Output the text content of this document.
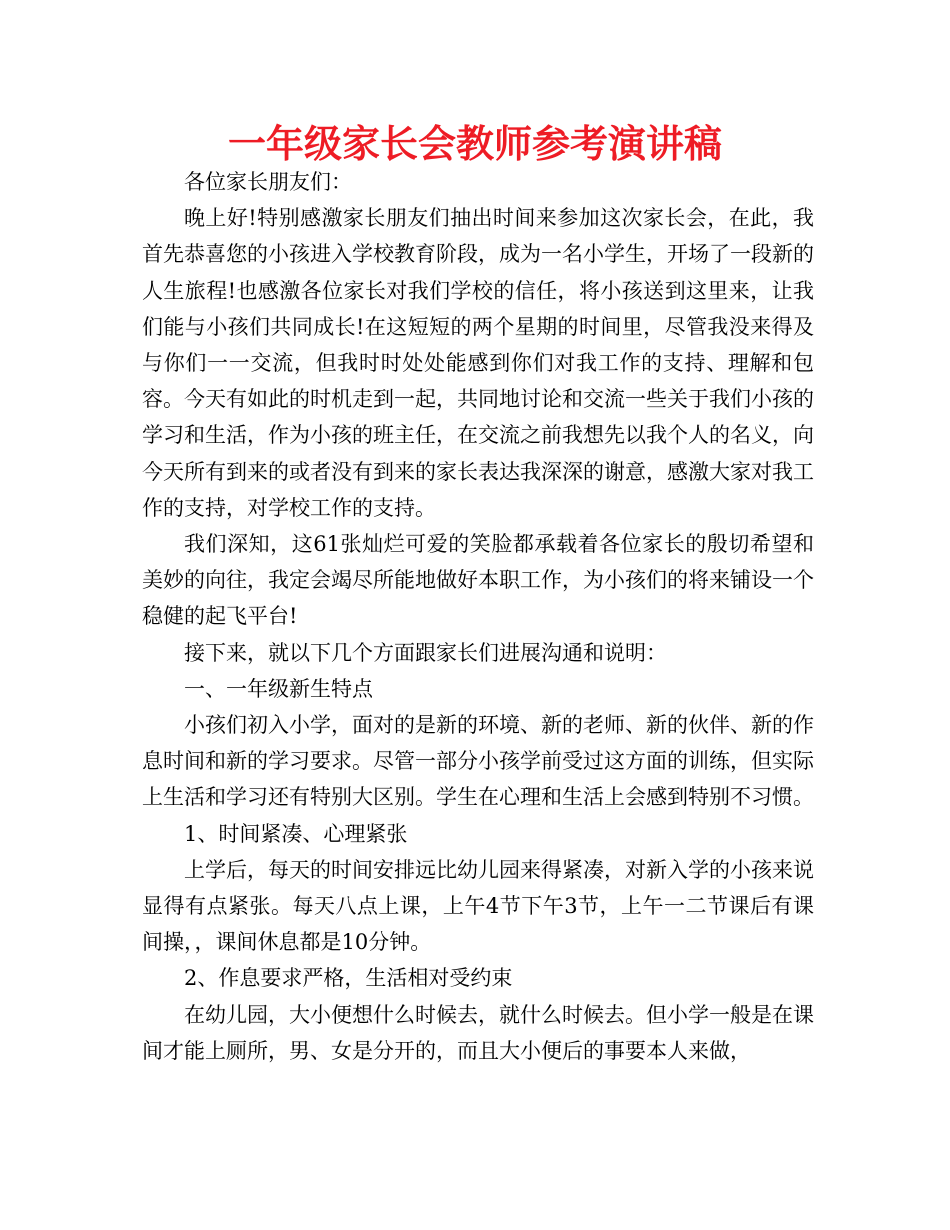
一年级家长会教师参考演讲稿

各位家长朋友们：

晚上好!特别感激家长朋友们抽出时间来参加这次家长会，在此，我首先恭喜您的小孩进入学校教育阶段，成为一名小学生，开场了一段新的人生旅程!也感激各位家长对我们学校的信任，将小孩送到这里来，让我们能与小孩们共同成长!在这短短的两个星期的时间里，尽管我没来得及与你们一一交流，但我时时处处能感到你们对我工作的支持、理解和包容。今天有如此的时机走到一起，共同地讨论和交流一些关于我们小孩的学习和生活，作为小孩的班主任，在交流之前我想先以我个人的名义，向今天所有到来的或者没有到来的家长表达我深深的谢意，感激大家对我工作的支持，对学校工作的支持。

我们深知，这61张灿烂可爱的笑脸都承载着各位家长的殷切希望和美妙的向往，我定会竭尽所能地做好本职工作，为小孩们的将来铺设一个稳健的起飞平台!

接下来，就以下几个方面跟家长们进展沟通和说明：

一、一年级新生特点

小孩们初入小学，面对的是新的环境、新的老师、新的伙伴、新的作息时间和新的学习要求。尽管一部分小孩学前受过这方面的训练，但实际上生活和学习还有特别大区别。学生在心理和生活上会感到特别不习惯。

1、时间紧凑、心理紧张

上学后，每天的时间安排远比幼儿园来得紧凑，对新入学的小孩来说显得有点紧张。每天八点上课，上午4节下午3节，上午一二节课后有课间操，，课间休息都是10分钟。

2、作息要求严格，生活相对受约束

在幼儿园，大小便想什么时候去，就什么时候去。但小学一般是在课间才能上厕所，男、女是分开的，而且大小便后的事要本人来做，
